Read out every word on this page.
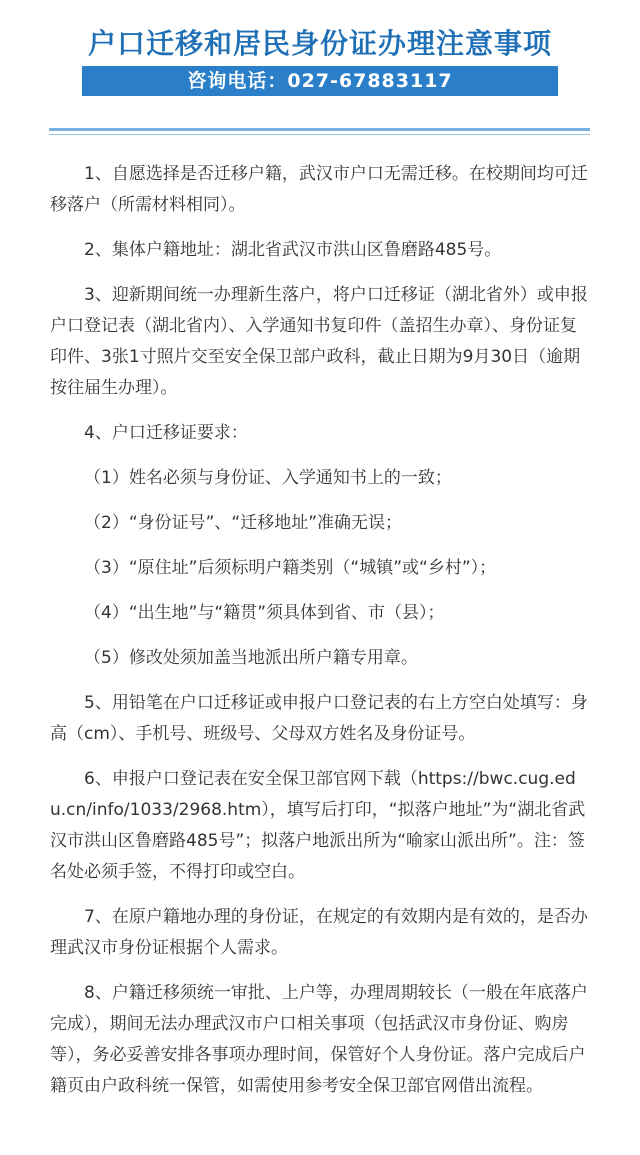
户口迁移和居民身份证办理注意事项
咨询电话：027-67883117

1、自愿选择是否迁移户籍，武汉市户口无需迁移。在校期间均可迁移落户（所需材料相同）。

2、集体户籍地址：湖北省武汉市洪山区鲁磨路485号。

3、迎新期间统一办理新生落户，将户口迁移证（湖北省外）或申报户口登记表（湖北省内）、入学通知书复印件（盖招生办章）、身份证复印件、3张1寸照片交至安全保卫部户政科，截止日期为9月30日（逾期按往届生办理）。

4、户口迁移证要求：

（1）姓名必须与身份证、入学通知书上的一致；

（2）“身份证号”、“迁移地址”准确无误；

（3）“原住址”后须标明户籍类别（“城镇”或“乡村”）；

（4）“出生地”与“籍贯”须具体到省、市（县）；

（5）修改处须加盖当地派出所户籍专用章。

5、用铅笔在户口迁移证或申报户口登记表的右上方空白处填写：身高（cm）、手机号、班级号、父母双方姓名及身份证号。

6、申报户口登记表在安全保卫部官网下载（https://bwc.cug.edu.cn/info/1033/2968.htm），填写后打印，“拟落户地址”为“湖北省武汉市洪山区鲁磨路485号”；拟落户地派出所为“喻家山派出所”。注：签名处必须手签，不得打印或空白。

7、在原户籍地办理的身份证，在规定的有效期内是有效的，是否办理武汉市身份证根据个人需求。

8、户籍迁移须统一审批、上户等，办理周期较长（一般在年底落户完成），期间无法办理武汉市户口相关事项（包括武汉市身份证、购房等），务必妥善安排各事项办理时间，保管好个人身份证。落户完成后户籍页由户政科统一保管，如需使用参考安全保卫部官网借出流程。
